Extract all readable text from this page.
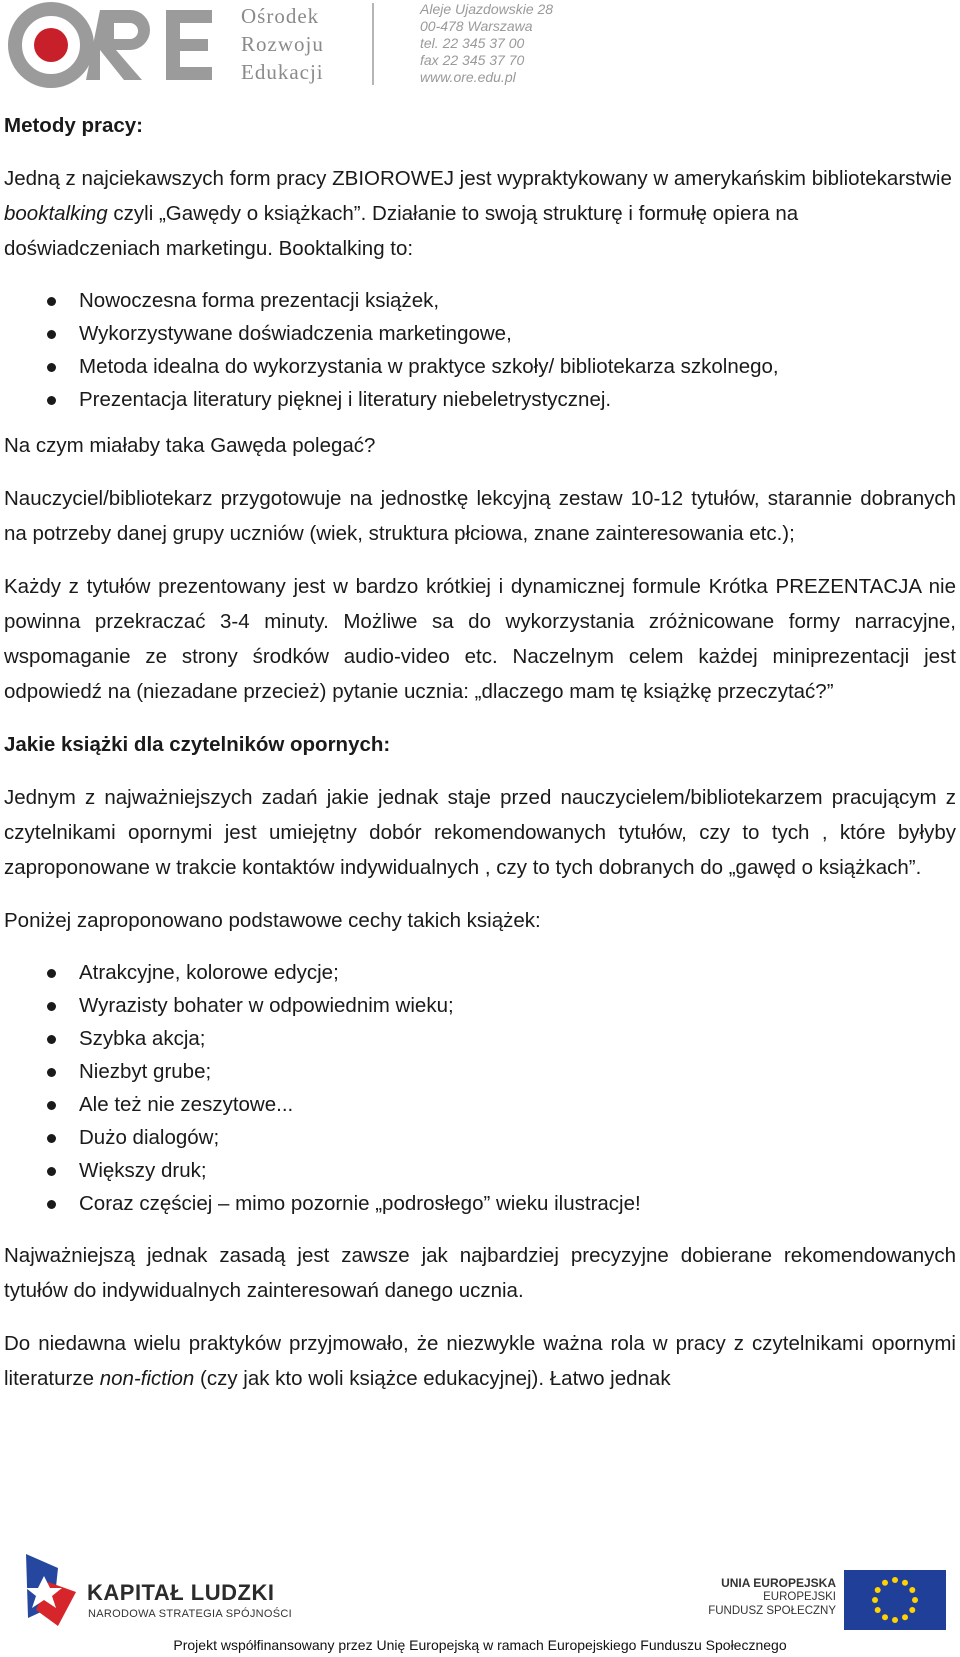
Ośrodek
Rozwoju
Edukacji
Aleje Ujazdowskie 28
00-478 Warszawa
tel. 22 345 37 00
fax 22 345 37 70
www.ore.edu.pl

Metody pracy:

Jedną z najciekawszych form pracy ZBIOROWEJ jest wypraktykowany w amerykańskim bibliotekarstwie booktalking czyli „Gawędy o książkach”. Działanie to swoją strukturę i formułę opiera na doświadczeniach marketingu. Booktalking to:

Nowoczesna forma prezentacji książek,
Wykorzystywane doświadczenia marketingowe,
Metoda idealna do wykorzystania w praktyce szkoły/ bibliotekarza szkolnego,
Prezentacja literatury pięknej i literatury niebeletrystycznej.

Na czym miałaby taka Gawęda polegać?

Nauczyciel/bibliotekarz przygotowuje na jednostkę lekcyjną zestaw 10-12 tytułów, starannie dobranych na potrzeby danej grupy uczniów (wiek, struktura płciowa, znane zainteresowania etc.);

Każdy z tytułów prezentowany jest w bardzo krótkiej i dynamicznej formule Krótka PREZENTACJA nie powinna przekraczać 3-4 minuty. Możliwe sa do wykorzystania zróżnicowane formy narracyjne, wspomaganie ze strony środków audio-video etc. Naczelnym celem każdej miniprezentacji jest odpowiedź na (niezadane przecież) pytanie ucznia: „dlaczego mam tę książkę przeczytać?”

Jakie książki dla czytelników opornych:

Jednym z najważniejszych zadań jakie jednak staje przed nauczycielem/bibliotekarzem pracującym z czytelnikami opornymi jest umiejętny dobór rekomendowanych tytułów, czy to tych , które byłyby zaproponowane w trakcie kontaktów indywidualnych , czy to tych dobranych do „gawęd o książkach”.

Poniżej zaproponowano podstawowe cechy takich książek:

Atrakcyjne, kolorowe edycje;
Wyrazisty bohater w odpowiednim wieku;
Szybka akcja;
Niezbyt grube;
Ale też nie zeszytowe...
Dużo dialogów;
Większy druk;
Coraz częściej – mimo pozornie „podrosłego” wieku ilustracje!

Najważniejszą jednak zasadą jest zawsze jak najbardziej precyzyjne dobierane rekomendowanych tytułów do indywidualnych zainteresowań danego ucznia.

Do niedawna wielu praktyków przyjmowało, że niezwykle ważna rola w pracy z czytelnikami opornymi literaturze non-fiction (czy jak kto woli książce edukacyjnej). Łatwo jednak

KAPITAŁ LUDZKI
NARODOWA STRATEGIA SPÓJNOŚCI
UNIA EUROPEJSKA
EUROPEJSKI
FUNDUSZ SPOŁECZNY
Projekt współfinansowany przez Unię Europejską w ramach Europejskiego Funduszu Społecznego
